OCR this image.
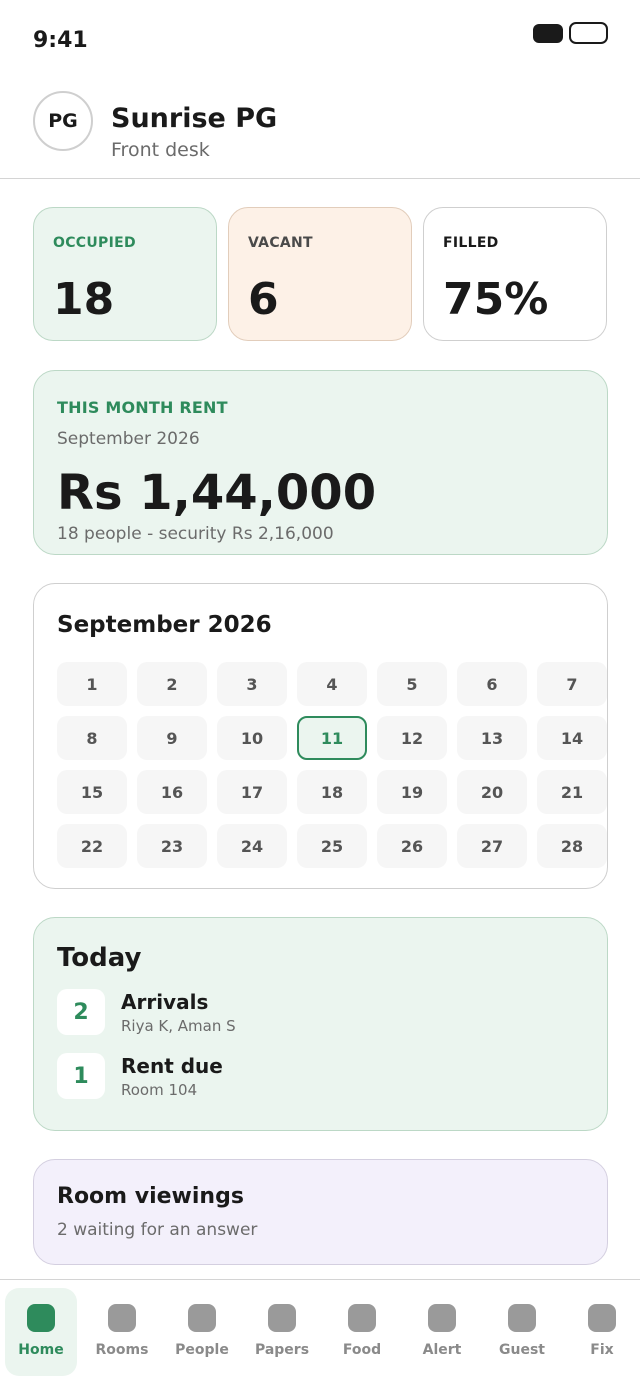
9:41
PG	Sunrise PG
Front desk
OCCUPIED
18
VACANT
6
FILLED
75%
THIS MONTH RENT
September 2026
Rs 1,44,000
18 people - security Rs 2,16,000
September 2026
1	2	3	4	5	6	7
8	9	10	11	12	13	14
15	16	17	18	19	20	21
22	23	24	25	26	27	28
Today
2	Arrivals
Riya K, Aman S
1	Rent due
Room 104
Room viewings
2 waiting for an answer
Home	Rooms	People	Papers	Food	Alert	Guest	Fix
